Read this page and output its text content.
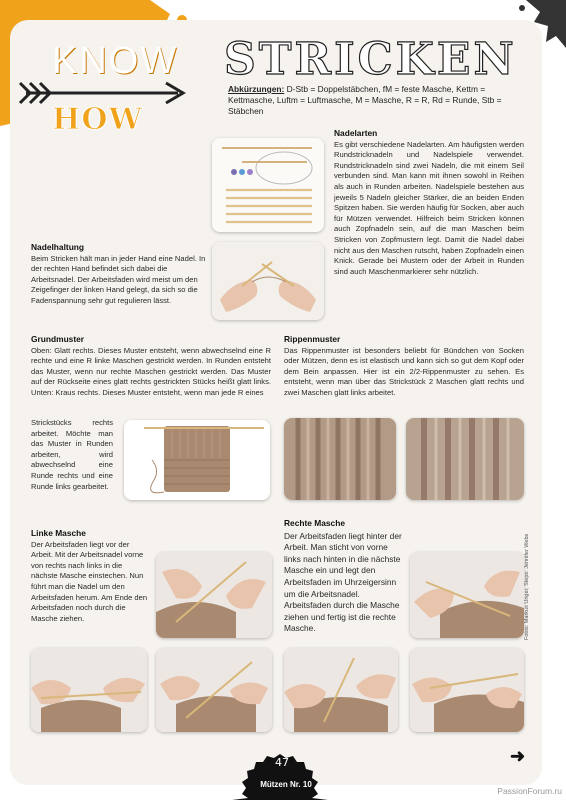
KNOW
HOW
STRICKEN
Abkürzungen: D-Stb = Doppelstäbchen, fM = feste Masche, Kettm = Kettmasche, Luftm = Luftmasche, M = Masche, R = R, Rd = Runde, Stb = Stäbchen
Nadelarten
Es gibt verschiedene Nadelarten. Am häufigsten werden Rundstricknadeln und Nadelspiele verwendet. Rundstricknadeln sind zwei Nadeln, die mit einem Seil verbunden sind. Man kann mit ihnen sowohl in Reihen als auch in Runden arbeiten. Nadelspiele bestehen aus jeweils 5 Nadeln gleicher Stärker, die an beiden Enden Spitzen haben. Sie werden häufig für Socken, aber auch für Mützen verwendet. Hilfreich beim Stricken können auch Zopfnadeln sein, auf die man Maschen beim Stricken von Zopfmustern legt. Damit die Nadel dabei nicht aus den Maschen rutscht, haben Zopfnadeln einen Knick. Gerade bei Mustern oder der Arbeit in Runden sind auch Maschenmarkierer sehr nützlich.
Nadelhaltung
Beim Stricken hält man in jeder Hand eine Nadel. In der rechten Hand befindet sich dabei die Arbeitsnadel. Der Arbeitsfaden wird meist um den Zeigefinger der linken Hand gelegt, da sich so die Fadenspannung sehr gut regulieren lässt.
Grundmuster
Oben: Glatt rechts. Dieses Muster entsteht, wenn abwechselnd eine R rechte und eine R linke Maschen gestrickt werden. In Runden entsteht das Muster, wenn nur rechte Maschen gestrickt werden. Das Muster auf der Rückseite eines glatt rechts gestrickten Stücks heißt glatt links. Unten: Kraus rechts. Dieses Muster entsteht, wenn man jede R eines
Strickstücks rechts arbeitet. Möchte man das Muster in Runden arbeiten, wird abwechselnd eine Runde rechts und eine Runde links gearbeitet.
Rippenmuster
Das Rippenmuster ist besonders beliebt für Bündchen von Socken oder Mützen, denn es ist elastisch und kann sich so gut dem Kopf oder dem Bein anpassen. Hier ist ein 2/2-Rippenmuster zu sehen. Es entsteht, wenn man über das Strickstück 2 Maschen glatt rechts und zwei Maschen glatt links arbeitet.
Linke Masche
Der Arbeitsfaden liegt vor der Arbeit. Mit der Arbeitsnadel vorne von rechts nach links in die nächste Masche einstechen. Nun führt man die Nadel um den Arbeitsfaden herum. Am Ende den Arbeitsfaden noch durch die Masche ziehen.
Rechte Masche
Der Arbeitsfaden liegt hinter der Arbeit. Man sticht von vorne links nach hinten in die nächste Masche ein und legt den Arbeitsfaden im Uhrzeigersinn um die Arbeitsnadel. Arbeitsfaden durch die Masche ziehen und fertig ist die rechte Masche.	Fotos: Markus Unger, Steps: Jennifer Webs
➜
47
Mützen Nr. 10
PassionForum.ru
